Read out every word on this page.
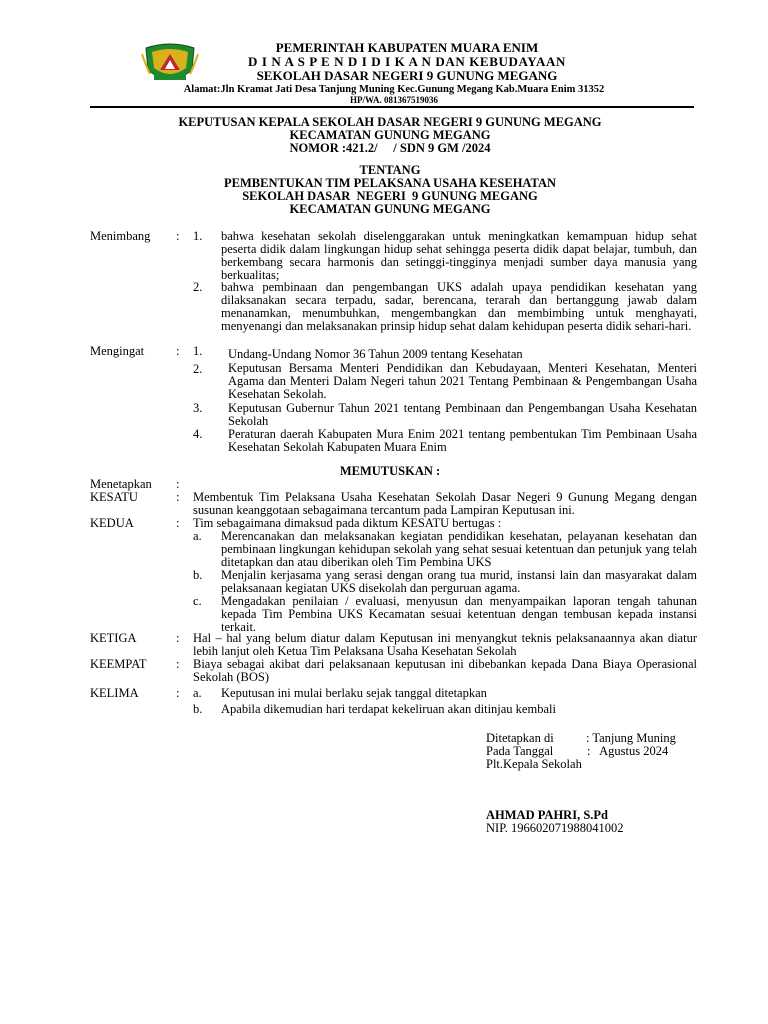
PEMERINTAH KABUPATEN MUARA ENIM
D I N A S P E N D I D I K A N DAN KEBUDAYAAN
SEKOLAH DASAR NEGERI 9 GUNUNG MEGANG
Alamat:Jln Kramat Jati Desa Tanjung Muning Kec.Gunung Megang Kab.Muara Enim 31352
HP/WA. 081367519036
KEPUTUSAN KEPALA SEKOLAH DASAR NEGERI 9 GUNUNG MEGANG
KECAMATAN GUNUNG MEGANG
NOMOR :421.2/     / SDN 9 GM /2024
TENTANG
PEMBENTUKAN TIM PELAKSANA USAHA KESEHATAN
SEKOLAH DASAR  NEGERI  9 GUNUNG MEGANG
KECAMATAN GUNUNG MEGANG
Menimbang : 1. bahwa kesehatan sekolah diselenggarakan untuk meningkatkan kemampuan hidup sehat peserta didik dalam lingkungan hidup sehat sehingga peserta didik dapat belajar, tumbuh, dan berkembang secara harmonis dan setinggi-tingginya menjadi sumber daya manusia yang berkualitas;
2. bahwa pembinaan dan pengembangan UKS adalah upaya pendidikan kesehatan yang dilaksanakan secara terpadu, sadar, berencana, terarah dan bertanggung jawab dalam menanamkan, menumbuhkan, mengembangkan dan membimbing untuk menghayati, menyenangi dan melaksanakan prinsip hidup sehat dalam kehidupan peserta didik sehari-hari.
Mengingat	: 1. Undang-Undang Nomor 36 Tahun 2009 tentang Kesehatan
2. Keputusan Bersama Menteri Pendidikan dan Kebudayaan, Menteri Kesehatan, Menteri Agama dan Menteri Dalam Negeri tahun 2021 Tentang Pembinaan & Pengembangan Usaha Kesehatan Sekolah.
3. Keputusan Gubernur Tahun 2021 tentang Pembinaan dan Pengembangan Usaha Kesehatan Sekolah
4. Peraturan daerah Kabupaten Mura Enim 2021 tentang pembentukan Tim Pembinaan Usaha Kesehatan Sekolah Kabupaten Muara Enim
MEMUTUSKAN :
Menetapkan :
KESATU	: Membentuk Tim Pelaksana Usaha Kesehatan Sekolah Dasar Negeri 9 Gunung Megang dengan susunan keanggotaan sebagaimana tercantum pada Lampiran Keputusan ini.
KEDUA	: Tim sebagaimana dimaksud pada diktum KESATU bertugas :
a. Merencanakan dan melaksanakan kegiatan pendidikan kesehatan, pelayanan kesehatan dan pembinaan lingkungan kehidupan sekolah yang sehat sesuai ketentuan dan petunjuk yang telah ditetapkan dan atau diberikan oleh Tim Pembina UKS
b. Menjalin kerjasama yang serasi dengan orang tua murid, instansi lain dan masyarakat dalam pelaksanaan kegiatan UKS disekolah dan perguruan agama.
c. Mengadakan penilaian / evaluasi, menyusun dan menyampaikan laporan tengah tahunan kepada Tim Pembina UKS Kecamatan sesuai ketentuan dengan tembusan kepada instansi terkait.
KETIGA	: Hal – hal yang belum diatur dalam Keputusan ini menyangkut teknis pelaksanaannya akan diatur lebih lanjut oleh Ketua Tim Pelaksana Usaha Kesehatan Sekolah
KEEMPAT : Biaya sebagai akibat dari pelaksanaan keputusan ini dibebankan kepada Dana Biaya Operasional Sekolah (BOS)
KELIMA	: a. Keputusan ini mulai berlaku sejak tanggal ditetapkan
b. Apabila dikemudian hari terdapat kekeliruan akan ditinjau kembali
Ditetapkan di	: Tanjung Muning
Pada Tanggal	:   Agustus 2024
Plt.Kepala Sekolah
AHMAD PAHRI, S.Pd
NIP. 196602071988041002
